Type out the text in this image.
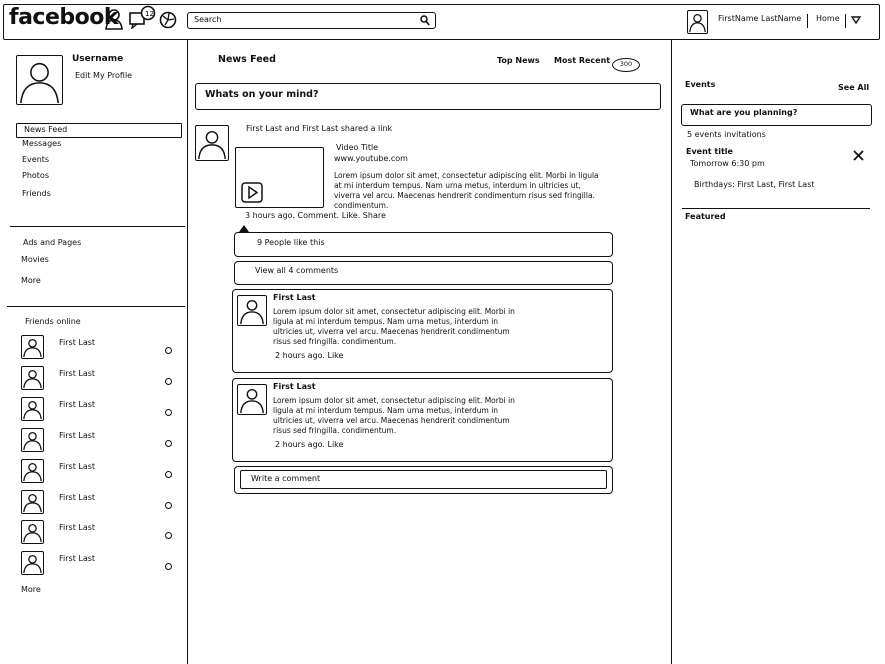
facebook	12
Search	FirstName LastName Home
Username
Edit My Profile
News Feed
Messages
Events
Photos
Friends
Ads and Pages
Movies
More
Friends online
First Last
First Last
First Last
First Last
First Last
First Last
First Last
First Last
More
News Feed	Top News Most Recent	300
Whats on your mind?
First Last and First Last shared a link
Video Title
www.youtube.com
Lorem ipsum dolor sit amet, consectetur adipiscing elit. Morbi in ligula at mi interdum tempus. Nam urna metus, interdum in ultricies ut, viverra vel arcu. Maecenas hendrerit condimentum risus sed fringilla. condimentum.
3 hours ago. Comment. Like. Share
9 People like this
View all 4 comments
First Last
Lorem ipsum dolor sit amet, consectetur adipiscing elit. Morbi in ligula at mi interdum tempus. Nam urna metus, interdum in ultricies ut, viverra vel arcu. Maecenas hendrerit condimentum risus sed fringilla. condimentum.
2 hours ago. Like
First Last
Lorem ipsum dolor sit amet, consectetur adipiscing elit. Morbi in ligula at mi interdum tempus. Nam urna metus, interdum in ultricies ut, viverra vel arcu. Maecenas hendrerit condimentum risus sed fringilla. condimentum.
2 hours ago. Like
Write a comment
Events	See All
What are you planning?
5 events invitations
Event title
Tomorrow 6:30 pm
Birthdays: First Last, First Last
Featured
